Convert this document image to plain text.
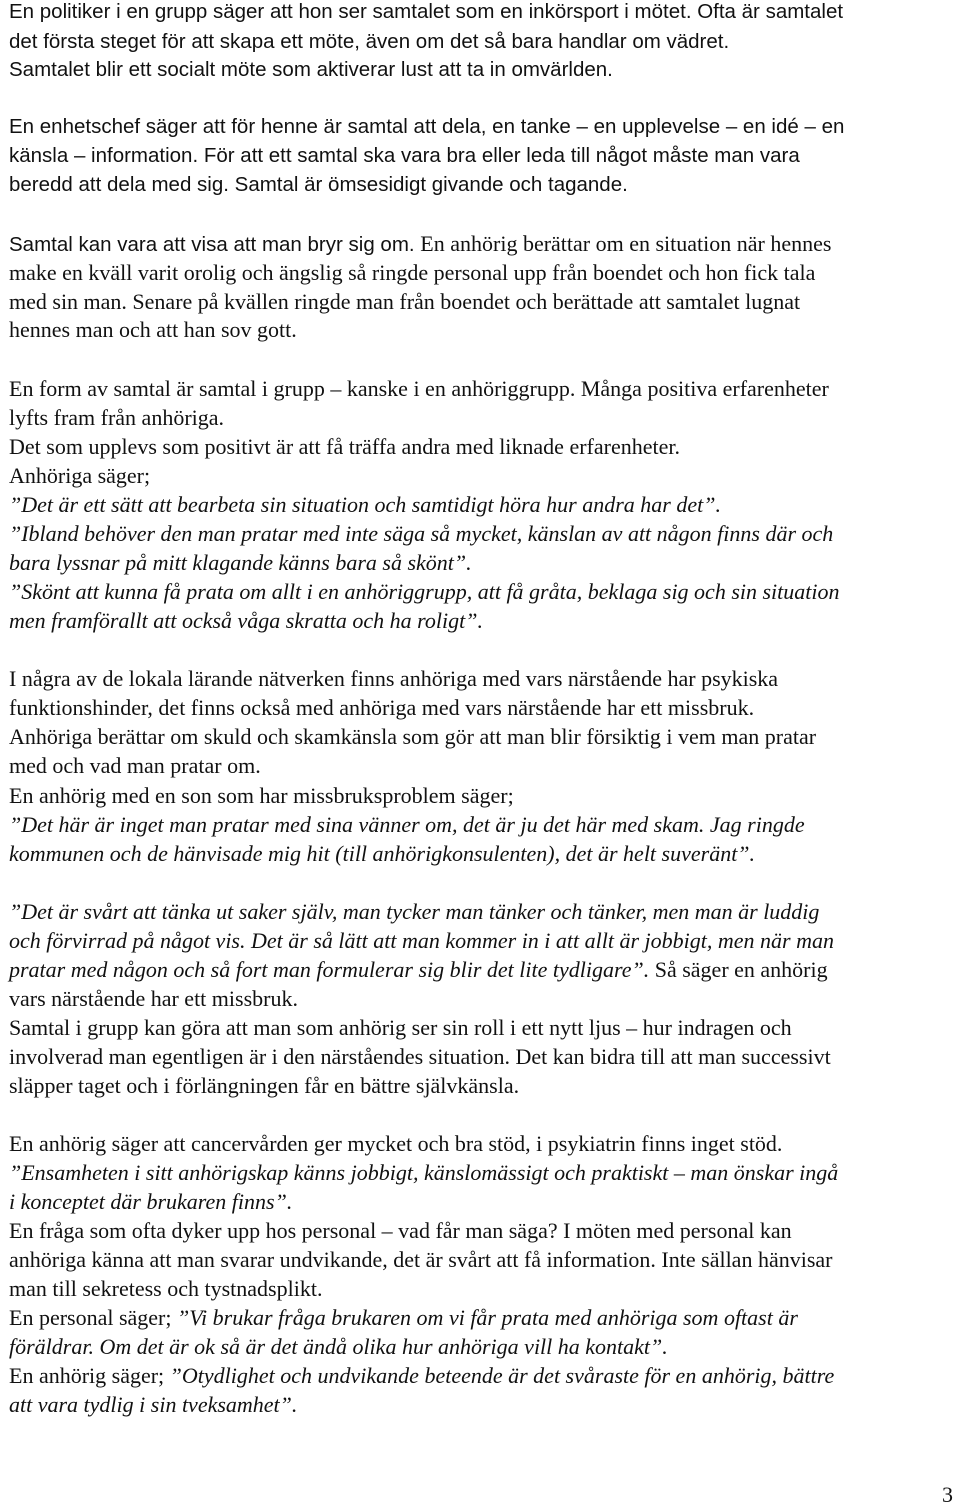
En politiker i en grupp säger att hon ser samtalet som en inkörsport i mötet. Ofta är samtalet
det första steget för att skapa ett möte, även om det så bara handlar om vädret.
Samtalet blir ett socialt möte som aktiverar lust att ta in omvärlden.
En enhetschef säger att för henne är samtal att dela, en tanke – en upplevelse – en idé – en
känsla – information. För att ett samtal ska vara bra eller leda till något måste man vara
beredd att dela med sig. Samtal är ömsesidigt givande och tagande.
Samtal kan vara att visa att man bryr sig om. En anhörig berättar om en situation när hennes
make en kväll varit orolig och ängslig så ringde personal upp från boendet och hon fick tala
med sin man. Senare på kvällen ringde man från boendet och berättade att samtalet lugnat
hennes man och att han sov gott.
En form av samtal är samtal i grupp – kanske i en anhöriggrupp. Många positiva erfarenheter
lyfts fram från anhöriga.
Det som upplevs som positivt är att få träffa andra med liknade erfarenheter.
Anhöriga säger;
”Det är ett sätt att bearbeta sin situation och samtidigt höra hur andra har det”.
”Ibland behöver den man pratar med inte säga så mycket, känslan av att någon finns där och
bara lyssnar på mitt klagande känns bara så skönt”.
”Skönt att kunna få prata om allt i en anhöriggrupp, att få gråta, beklaga sig och sin situation
men framförallt att också våga skratta och ha roligt”.
I några av de lokala lärande nätverken finns anhöriga med vars närstående har psykiska
funktionshinder, det finns också med anhöriga med vars närstående har ett missbruk.
Anhöriga berättar om skuld och skamkänsla som gör att man blir försiktig i vem man pratar
med och vad man pratar om.
En anhörig med en son som har missbruksproblem säger;
”Det här är inget man pratar med sina vänner om, det är ju det här med skam. Jag ringde
kommunen och de hänvisade mig hit (till anhörigkonsulenten), det är helt suveränt”.
”Det är svårt att tänka ut saker själv, man tycker man tänker och tänker, men man är luddig
och förvirrad på något vis. Det är så lätt att man kommer in i att allt är jobbigt, men när man
pratar med någon och så fort man formulerar sig blir det lite tydligare”. Så säger en anhörig
vars närstående har ett missbruk.
Samtal i grupp kan göra att man som anhörig ser sin roll i ett nytt ljus – hur indragen och
involverad man egentligen är i den närståendes situation. Det kan bidra till att man successivt
släpper taget och i förlängningen får en bättre självkänsla.
En anhörig säger att cancervården ger mycket och bra stöd, i psykiatrin finns inget stöd.
”Ensamheten i sitt anhörigskap känns jobbigt, känslomässigt och praktiskt – man önskar ingå
i konceptet där brukaren finns”.
En fråga som ofta dyker upp hos personal – vad får man säga? I möten med personal kan
anhöriga känna att man svarar undvikande, det är svårt att få information. Inte sällan hänvisar
man till sekretess och tystnadsplikt.
En personal säger; ”Vi brukar fråga brukaren om vi får prata med anhöriga som oftast är
föräldrar. Om det är ok så är det ändå olika hur anhöriga vill ha kontakt”.
En anhörig säger; ”Otydlighet och undvikande beteende är det svåraste för en anhörig, bättre
att vara tydlig i sin tveksamhet”.
3
